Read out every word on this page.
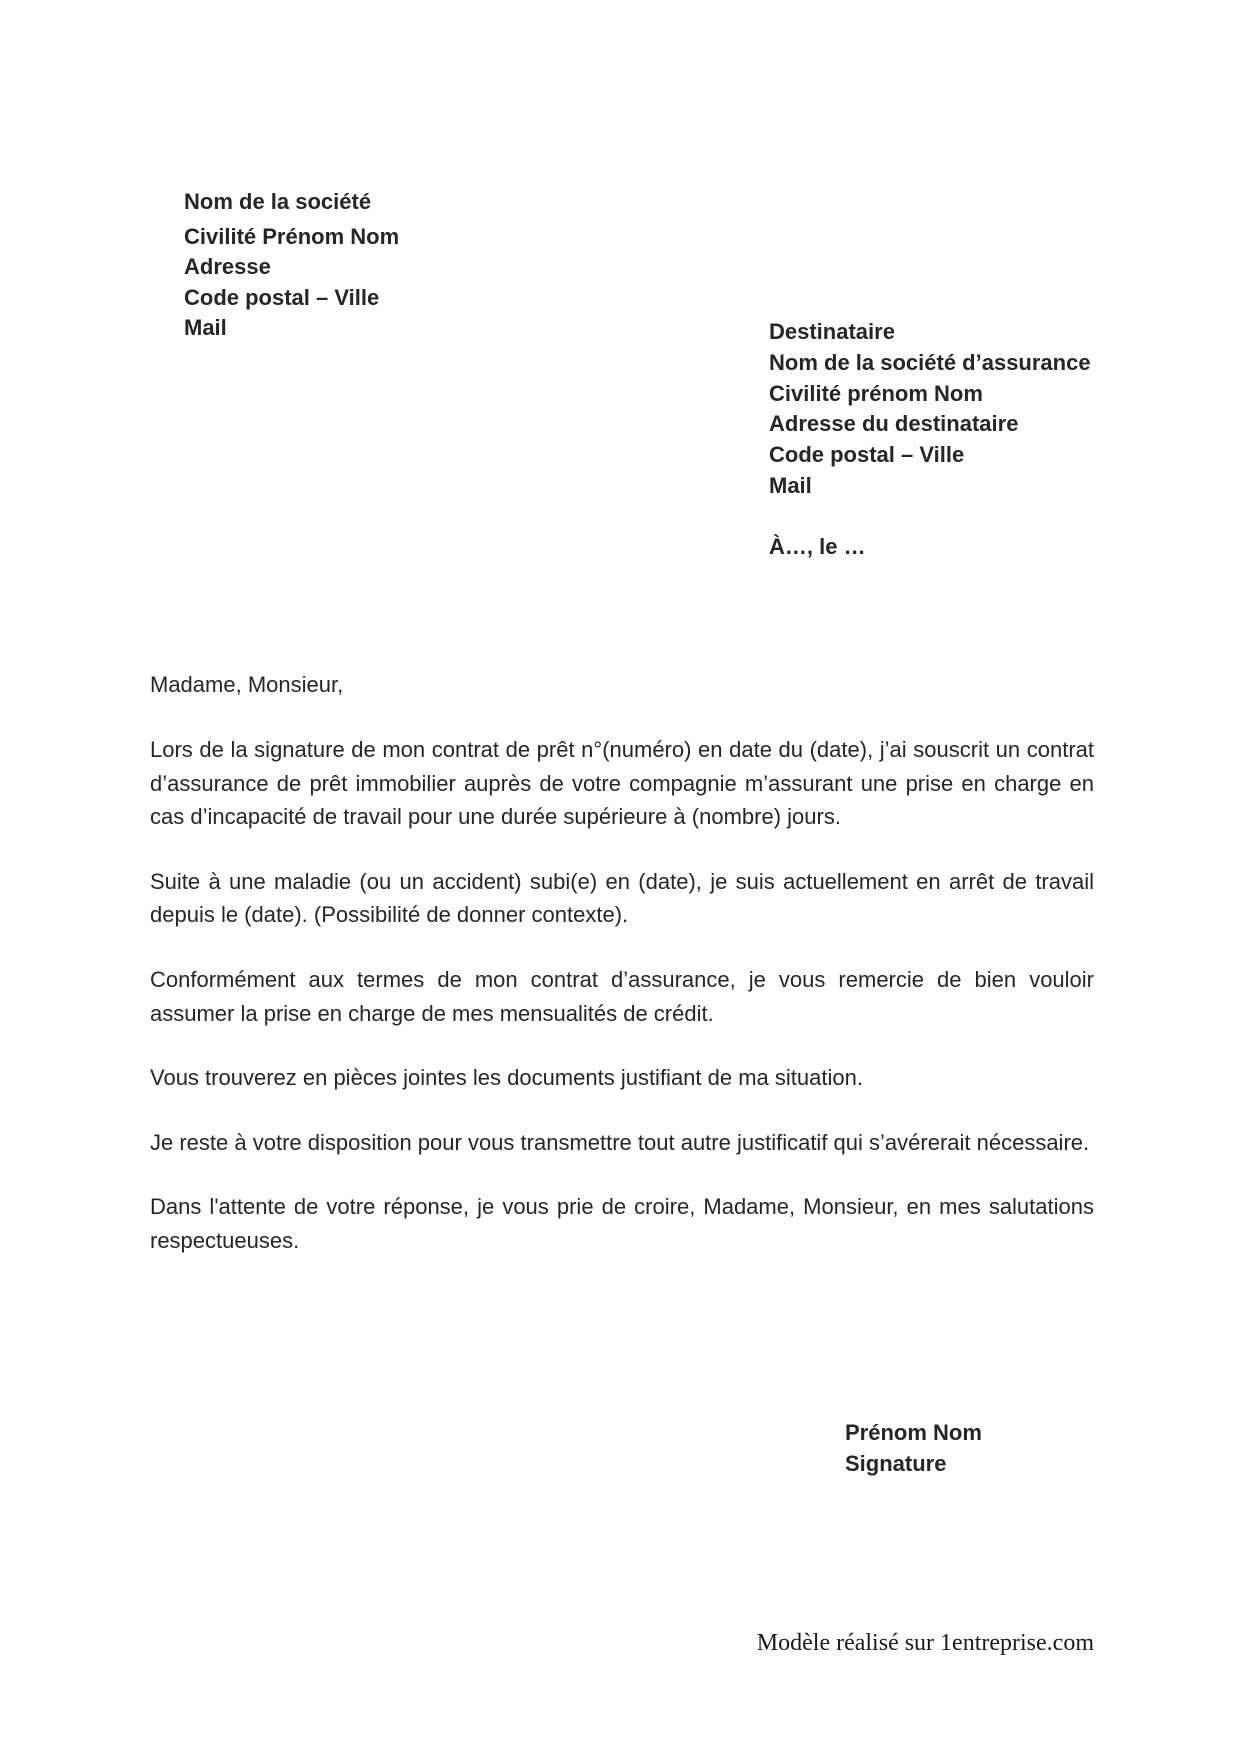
Nom de la société
Civilité Prénom Nom
Adresse
Code postal – Ville
Mail	Destinataire
Nom de la société d’assurance
Civilité prénom Nom
Adresse du destinataire
Code postal – Ville
Mail
À…, le …

Madame, Monsieur,

Lors de la signature de mon contrat de prêt n°(numéro) en date du (date), j’ai souscrit un contrat d’assurance de prêt immobilier auprès de votre compagnie m’assurant une prise en charge en cas d’incapacité de travail pour une durée supérieure à (nombre) jours.

Suite à une maladie (ou un accident) subi(e) en (date), je suis actuellement en arrêt de travail depuis le (date). (Possibilité de donner contexte).

Conformément aux termes de mon contrat d’assurance, je vous remercie de bien vouloir assumer la prise en charge de mes mensualités de crédit.

Vous trouverez en pièces jointes les documents justifiant de ma situation.

Je reste à votre disposition pour vous transmettre tout autre justificatif qui s’avérerait nécessaire.

Dans l'attente de votre réponse, je vous prie de croire, Madame, Monsieur, en mes salutations respectueuses.

Prénom Nom
Signature
Modèle réalisé sur 1entreprise.com
